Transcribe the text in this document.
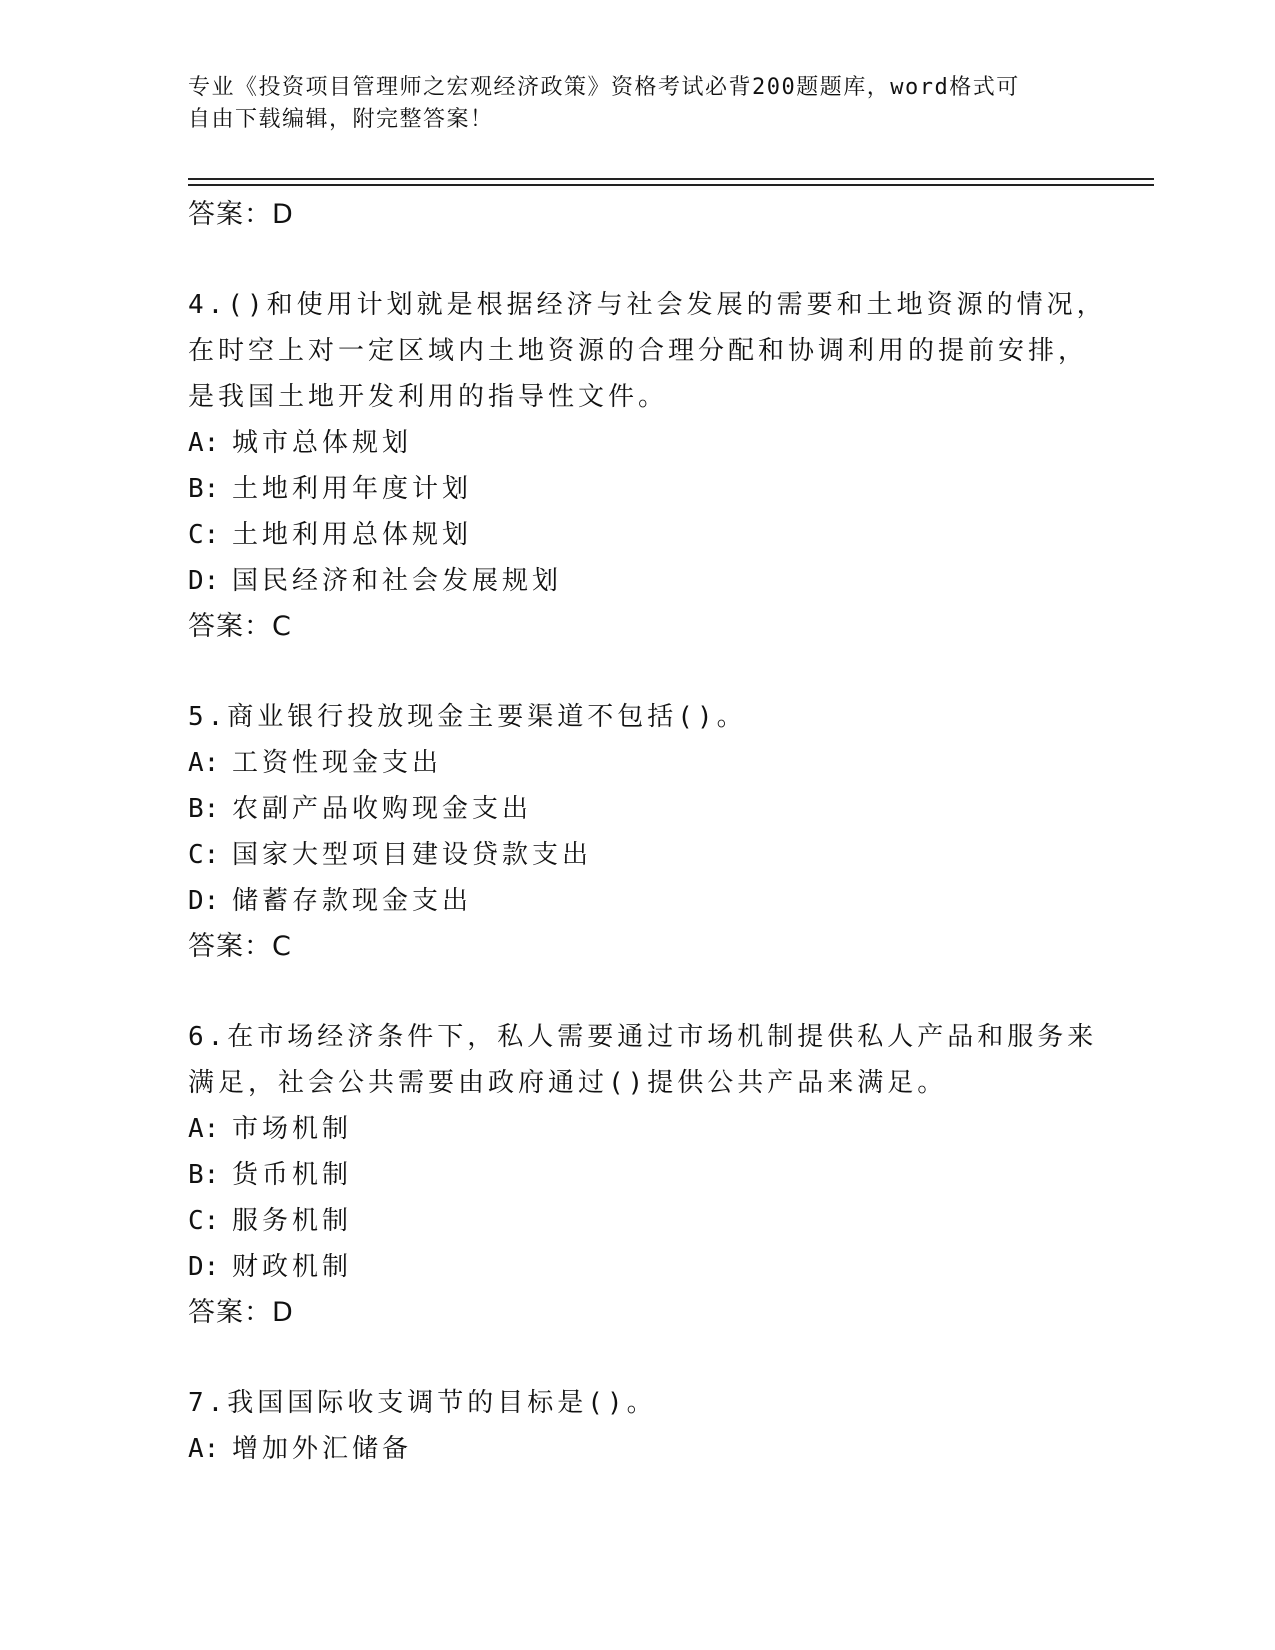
专业《投资项目管理师之宏观经济政策》资格考试必背200题题库，word格式可
自由下载编辑，附完整答案！
答案：D
4.()和使用计划就是根据经济与社会发展的需要和土地资源的情况，
在时空上对一定区域内土地资源的合理分配和协调利用的提前安排，
是我国土地开发利用的指导性文件。
A: 城市总体规划
B: 土地利用年度计划
C: 土地利用总体规划
D: 国民经济和社会发展规划
答案：C
5.商业银行投放现金主要渠道不包括()。
A: 工资性现金支出
B: 农副产品收购现金支出
C: 国家大型项目建设贷款支出
D: 储蓄存款现金支出
答案：C
6.在市场经济条件下，私人需要通过市场机制提供私人产品和服务来
满足，社会公共需要由政府通过()提供公共产品来满足。
A: 市场机制
B: 货币机制
C: 服务机制
D: 财政机制
答案：D
7.我国国际收支调节的目标是()。
A: 增加外汇储备
